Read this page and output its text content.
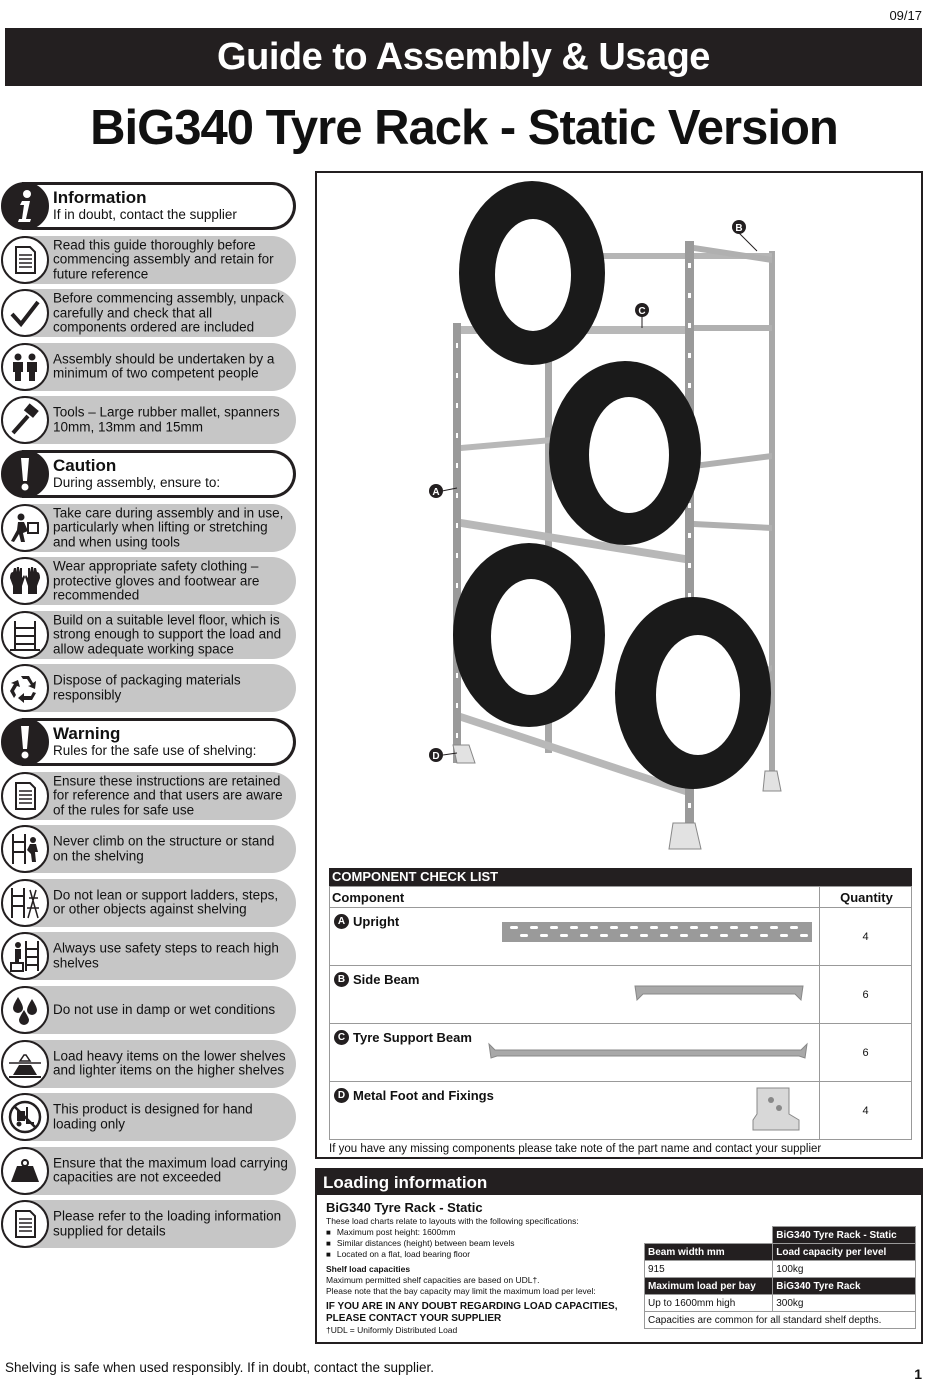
09/17
Guide to Assembly & Usage
BiG340 Tyre Rack - Static Version
Information
If in doubt, contact the supplier
Read this guide thoroughly before commencing assembly and retain for future reference
Before commencing assembly, unpack carefully and check that all components ordered are included
Assembly should be undertaken by a minimum of two competent people
Tools – Large rubber mallet, spanners 10mm, 13mm and 15mm
Caution
During assembly, ensure to:
Take care during assembly and in use, particularly when lifting or stretching and when using tools
Wear appropriate safety clothing – protective gloves and footwear are recommended
Build on a suitable level floor, which is strong enough to support the load and allow adequate working space
Dispose of packaging materials responsibly
Warning
Rules for the safe use of shelving:
Ensure these instructions are retained for reference and that users are aware of the rules for safe use
Never climb on the structure or stand on the shelving
Do not lean or support ladders, steps, or other objects against shelving
Always use safety steps to reach high shelves
Do not use in damp or wet conditions
Load heavy items on the lower shelves and lighter items on the higher shelves
This product is designed for hand loading only
Ensure that the maximum load carrying capacities are not exceeded
Please refer to the loading information supplied for details
A
B
C
D
COMPONENT CHECK LIST
Component	Quantity

A Upright	4

B Side Beam	6

C Tyre Support Beam	6

D Metal Foot and Fixings	4
If you have any missing components please take note of the part name and contact your supplier
Loading information
BiG340 Tyre Rack - Static
These load charts relate to layouts with the following specifications:
■ Maximum post height: 1600mm
■ Similar distances (height) between beam levels
■ Located on a flat, load bearing floor
Shelf load capacities
Maximum permitted shelf capacities are based on UDL†.
Please note that the bay capacity may limit the maximum load per level:
IF YOU ARE IN ANY DOUBT REGARDING LOAD CAPACITIES, PLEASE CONTACT YOUR SUPPLIER
†UDL = Uniformly Distributed Load
	BiG340 Tyre Rack - Static
Beam width mm	Load capacity per level
915	100kg
Maximum load per bay	BiG340 Tyre Rack
Up to 1600mm high	300kg
Capacities are common for all standard shelf depths.	
Shelving is safe when used responsibly. If in doubt, contact the supplier.	1
